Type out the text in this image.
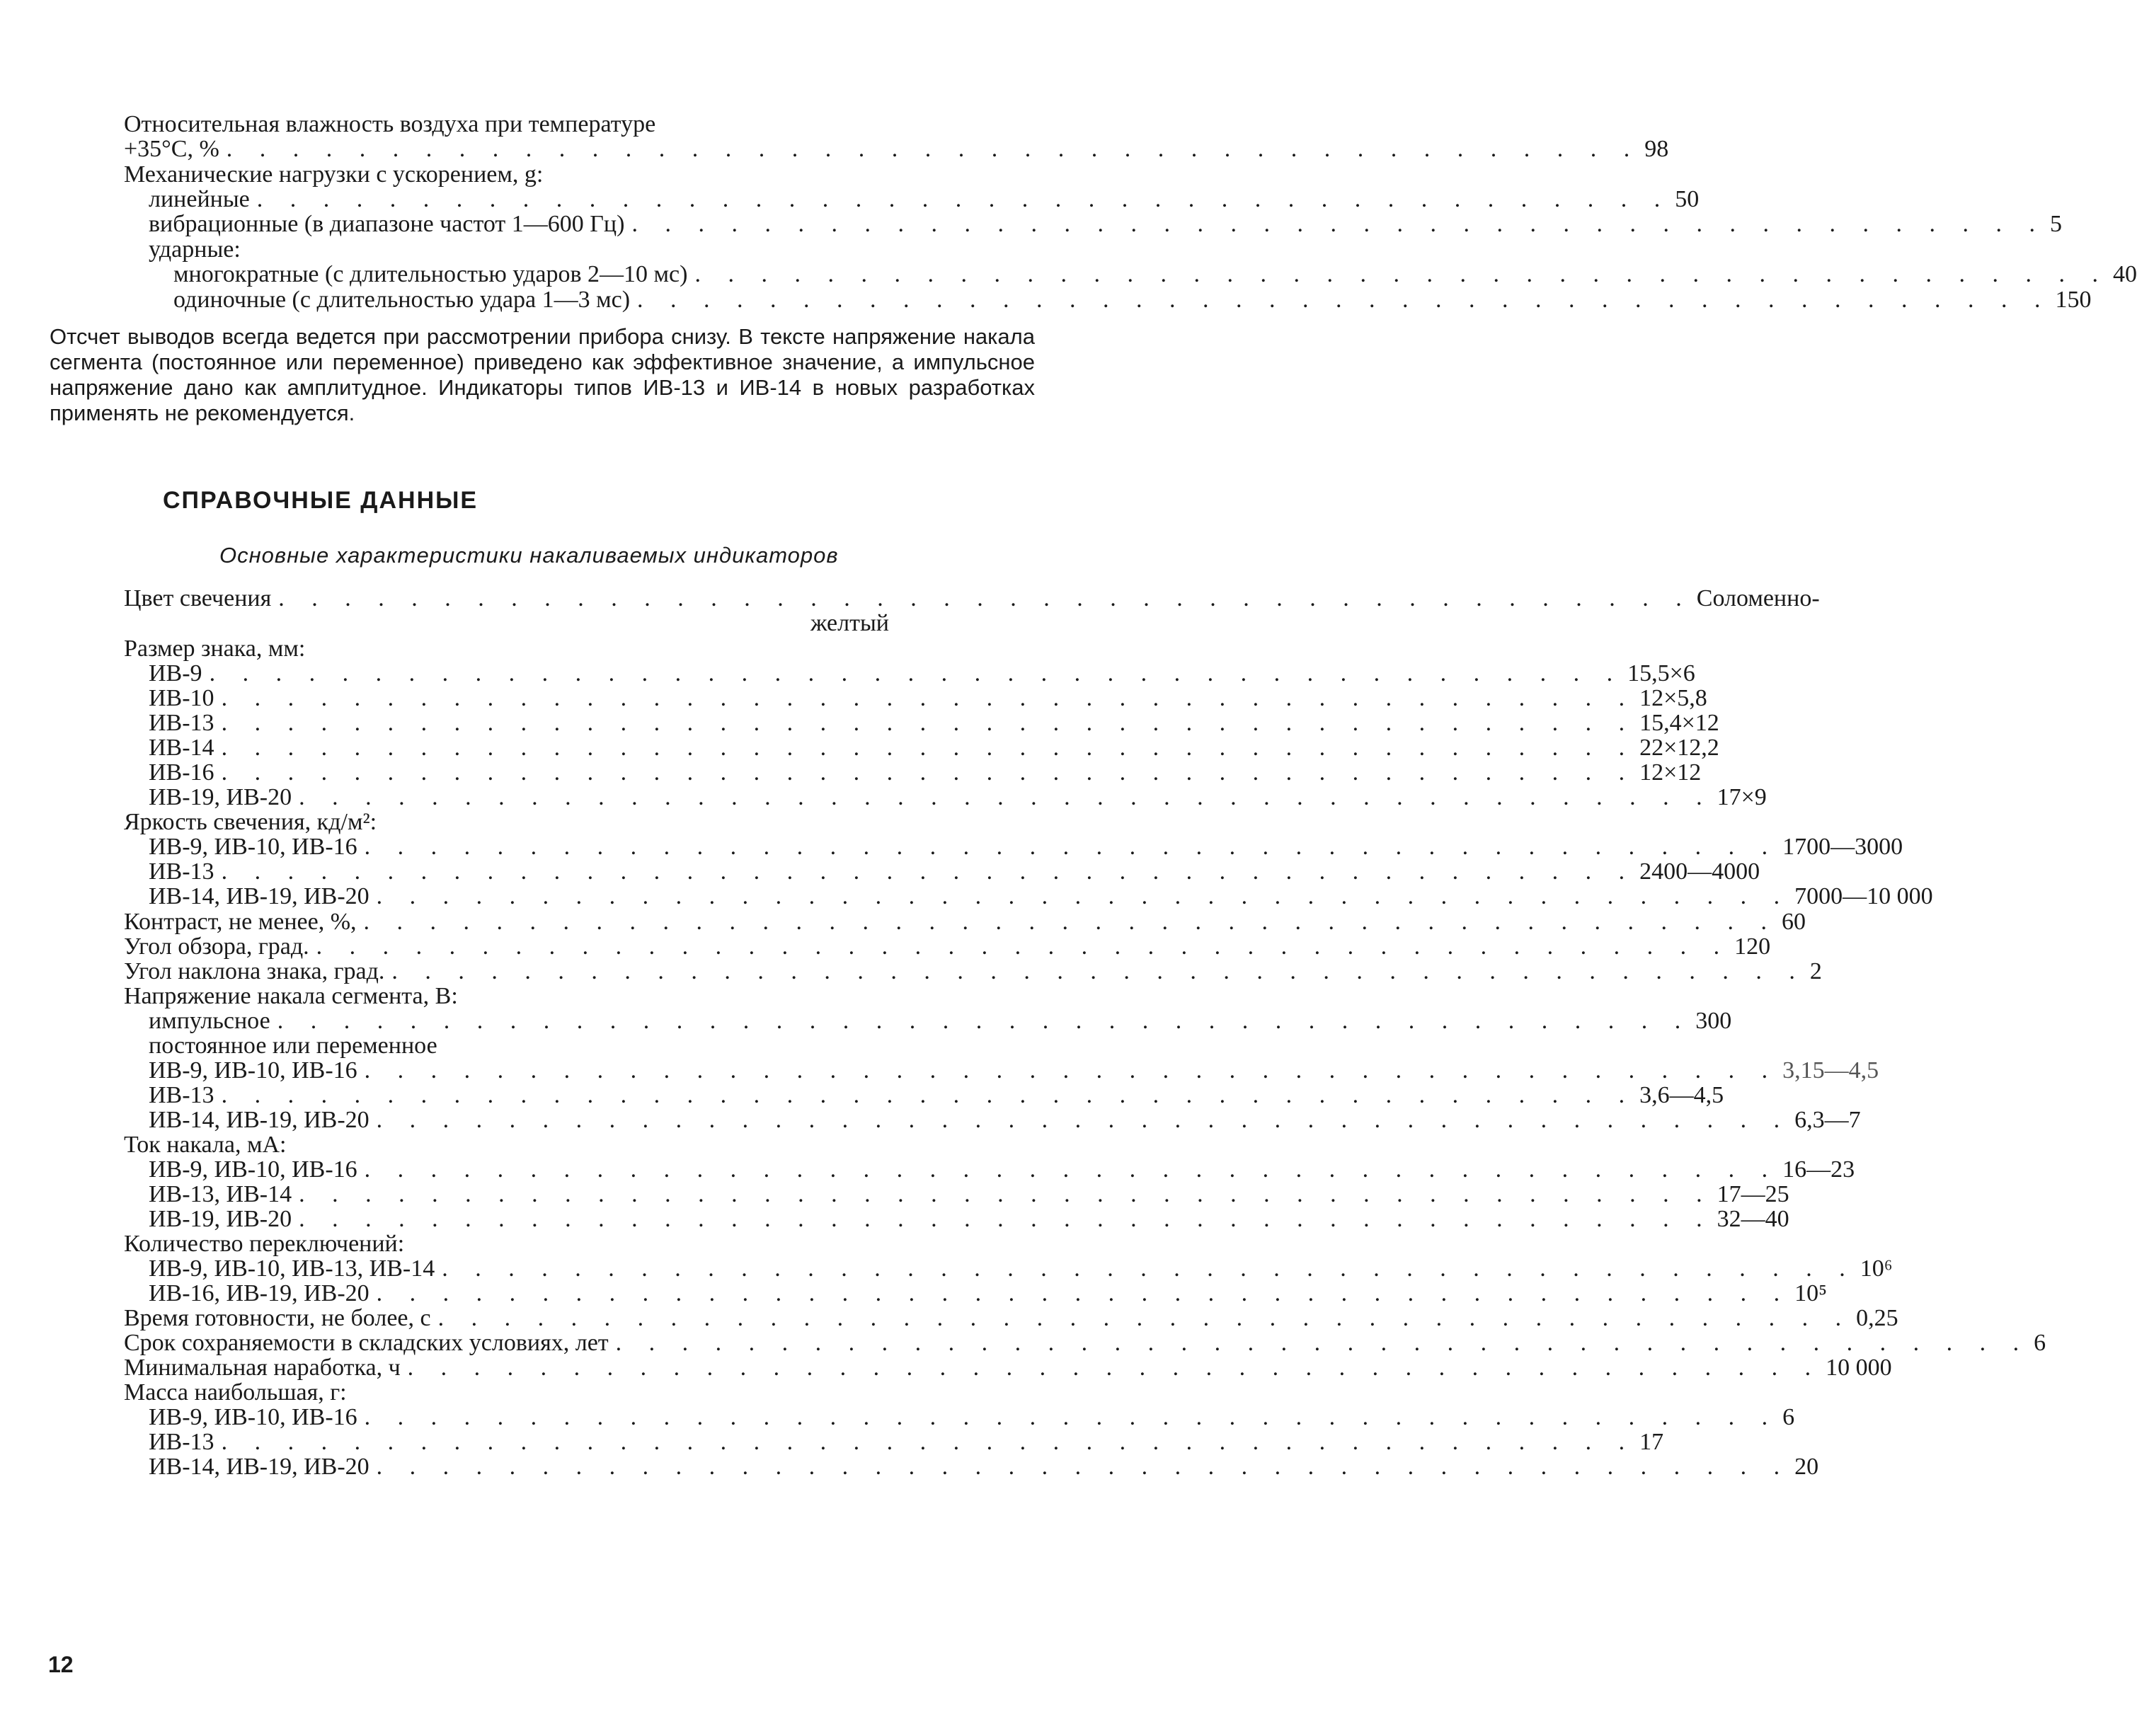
Относительная влажность воздуха при температуре
+35°С, % . . . . . . . . . . . . . . . . . . . . . . . . . . . . . . . . . . . . . . . . . . . 98
Механические нагрузки с ускорением, g:
линейные . . . . . . . . . . . . . . . . . . . . . . . . . . . . . . . . . . . . . . . . . . . 50
вибрационные (в диапазоне частот 1—600 Гц) . . . . . . . . . . . . . . . . . . . . . . . . . . . . . . . . . . . . . . . . . . . 5
ударные:
многократные (с длительностью ударов 2—10 мс) . . . . . . . . . . . . . . . . . . . . . . . . . . . . . . . . . . . . . . . . . . . 40
одиночные (с длительностью удара 1—3 мс) . . . . . . . . . . . . . . . . . . . . . . . . . . . . . . . . . . . . . . . . . . . 150
Отсчет выводов всегда ведется при рассмотрении прибора снизу. В тексте напряжение накала сегмента (постоянное или переменное) приведено как эффективное значение, а импульсное напряжение дано как амплитудное. Индикаторы типов ИВ-13 и ИВ-14 в новых разработках применять не рекомендуется.
СПРАВОЧНЫЕ ДАННЫЕ
Основные характеристики накаливаемых индикаторов
Цвет свечения . . . . . . . . . . . . . . . . . . . . . . . . . . . . . . . . . . . . . . . . . . . Соломенно-
желтый
Размер знака, мм:
ИВ-9 . . . . . . . . . . . . . . . . . . . . . . . . . . . . . . . . . . . . . . . . . . . 15,5×6
ИВ-10 . . . . . . . . . . . . . . . . . . . . . . . . . . . . . . . . . . . . . . . . . . . 12×5,8
ИВ-13 . . . . . . . . . . . . . . . . . . . . . . . . . . . . . . . . . . . . . . . . . . . 15,4×12
ИВ-14 . . . . . . . . . . . . . . . . . . . . . . . . . . . . . . . . . . . . . . . . . . . 22×12,2
ИВ-16 . . . . . . . . . . . . . . . . . . . . . . . . . . . . . . . . . . . . . . . . . . . 12×12
ИВ-19, ИВ-20 . . . . . . . . . . . . . . . . . . . . . . . . . . . . . . . . . . . . . . . . . . . 17×9
Яркость свечения, кд/м²:
ИВ-9, ИВ-10, ИВ-16 . . . . . . . . . . . . . . . . . . . . . . . . . . . . . . . . . . . . . . . . . . . 1700—3000
ИВ-13 . . . . . . . . . . . . . . . . . . . . . . . . . . . . . . . . . . . . . . . . . . . 2400—4000
ИВ-14, ИВ-19, ИВ-20 . . . . . . . . . . . . . . . . . . . . . . . . . . . . . . . . . . . . . . . . . . . 7000—10 000
Контраст, не менее, %, . . . . . . . . . . . . . . . . . . . . . . . . . . . . . . . . . . . . . . . . . . . 60
Угол обзора, град. . . . . . . . . . . . . . . . . . . . . . . . . . . . . . . . . . . . . . . . . . . . 120
Угол наклона знака, град. . . . . . . . . . . . . . . . . . . . . . . . . . . . . . . . . . . . . . . . . . . . 2
Напряжение накала сегмента, В:
импульсное . . . . . . . . . . . . . . . . . . . . . . . . . . . . . . . . . . . . . . . . . . . 300
постоянное или переменное
ИВ-9, ИВ-10, ИВ-16 . . . . . . . . . . . . . . . . . . . . . . . . . . . . . . . . . . . . . . . . . . . 3,15—4,5
ИВ-13 . . . . . . . . . . . . . . . . . . . . . . . . . . . . . . . . . . . . . . . . . . . 3,6—4,5
ИВ-14, ИВ-19, ИВ-20 . . . . . . . . . . . . . . . . . . . . . . . . . . . . . . . . . . . . . . . . . . . 6,3—7
Ток накала, мА:
ИВ-9, ИВ-10, ИВ-16 . . . . . . . . . . . . . . . . . . . . . . . . . . . . . . . . . . . . . . . . . . . 16—23
ИВ-13, ИВ-14 . . . . . . . . . . . . . . . . . . . . . . . . . . . . . . . . . . . . . . . . . . . 17—25
ИВ-19, ИВ-20 . . . . . . . . . . . . . . . . . . . . . . . . . . . . . . . . . . . . . . . . . . . 32—40
Количество переключений:
ИВ-9, ИВ-10, ИВ-13, ИВ-14 . . . . . . . . . . . . . . . . . . . . . . . . . . . . . . . . . . . . . . . . . . . 10⁶
ИВ-16, ИВ-19, ИВ-20 . . . . . . . . . . . . . . . . . . . . . . . . . . . . . . . . . . . . . . . . . . . 10⁵
Время готовности, не более, с . . . . . . . . . . . . . . . . . . . . . . . . . . . . . . . . . . . . . . . . . . . 0,25
Срок сохраняемости в складских условиях, лет . . . . . . . . . . . . . . . . . . . . . . . . . . . . . . . . . . . . . . . . . . . 6
Минимальная наработка, ч . . . . . . . . . . . . . . . . . . . . . . . . . . . . . . . . . . . . . . . . . . . 10 000
Масса наибольшая, г:
ИВ-9, ИВ-10, ИВ-16 . . . . . . . . . . . . . . . . . . . . . . . . . . . . . . . . . . . . . . . . . . . 6
ИВ-13 . . . . . . . . . . . . . . . . . . . . . . . . . . . . . . . . . . . . . . . . . . . 17
ИВ-14, ИВ-19, ИВ-20 . . . . . . . . . . . . . . . . . . . . . . . . . . . . . . . . . . . . . . . . . . . 20
12
